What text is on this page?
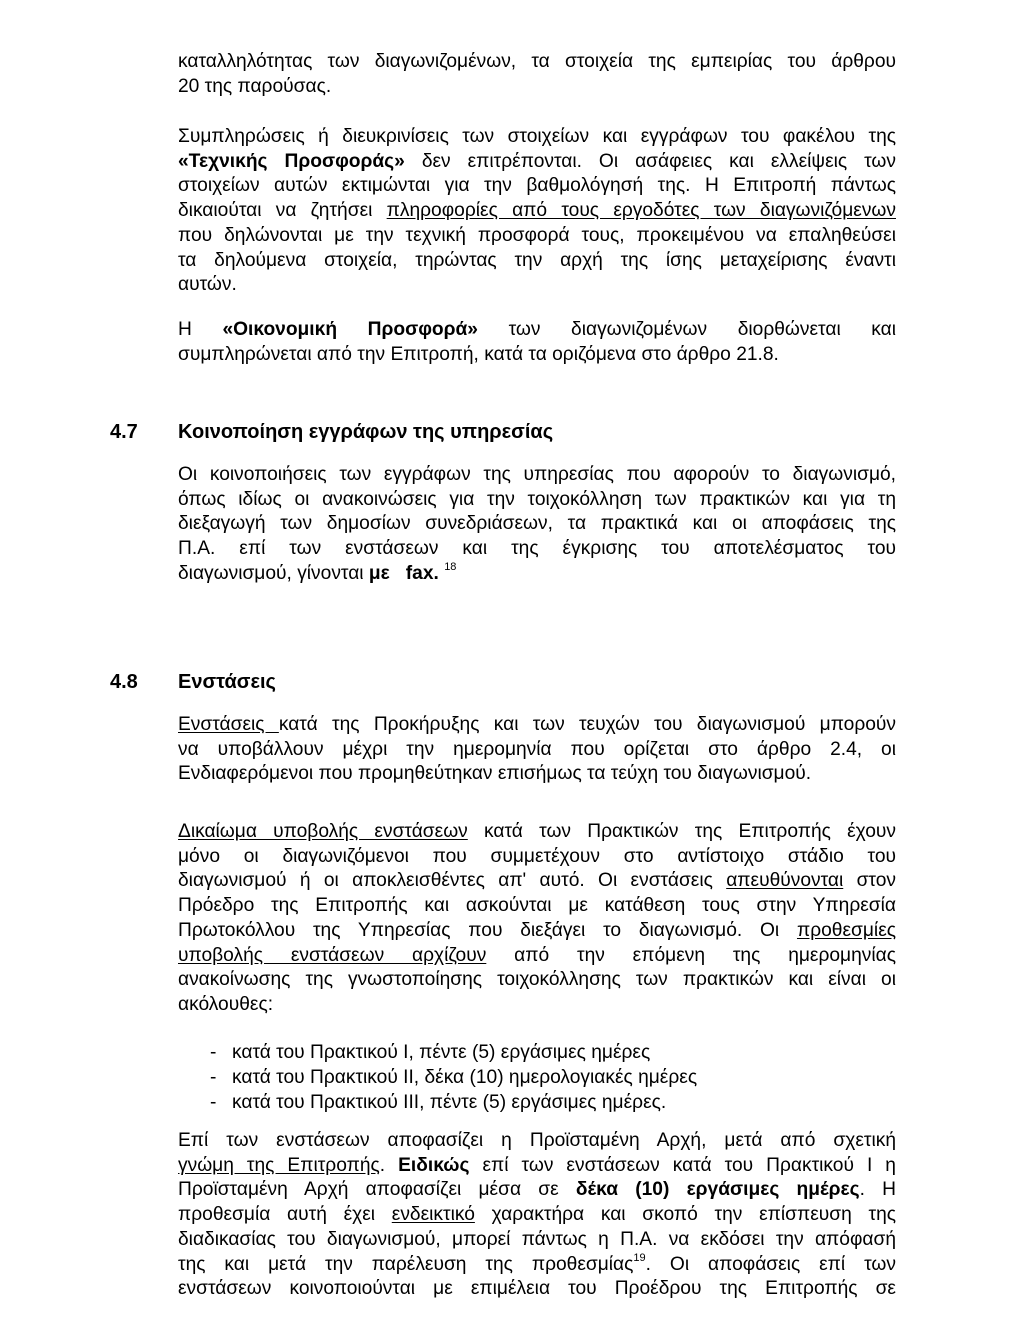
καταλληλότητας των διαγωνιζομένων, τα στοιχεία της εμπειρίας του άρθρου
20 της παρούσας.

Συμπληρώσεις ή διευκρινίσεις των στοιχείων και εγγράφων του φακέλου της
«Τεχνικής Προσφοράς» δεν επιτρέπονται. Οι ασάφειες και ελλείψεις των
στοιχείων αυτών εκτιμώνται για την βαθμολόγησή της. Η Επιτροπή πάντως
δικαιούται να ζητήσει πληροφορίες από τους εργοδότες των διαγωνιζόμενων
που δηλώνονται με την τεχνική προσφορά τους, προκειμένου να επαληθεύσει
τα δηλούμενα στοιχεία, τηρώντας την αρχή της ίσης μεταχείρισης έναντι
αυτών.

Η «Οικονομική Προσφορά» των διαγωνιζομένων διορθώνεται και
συμπληρώνεται από την Επιτροπή, κατά τα οριζόμενα στο άρθρο 21.8.

4.7 Κοινοποίηση εγγράφων της υπηρεσίας

Οι κοινοποιήσεις των εγγράφων της υπηρεσίας που αφορούν το διαγωνισμό,
όπως ιδίως οι ανακοινώσεις για την τοιχοκόλληση των πρακτικών και για τη
διεξαγωγή των δημοσίων συνεδριάσεων, τα πρακτικά και οι αποφάσεις της
Π.Α. επί των ενστάσεων και της έγκρισης του αποτελέσματος του
διαγωνισμού, γίνονται με fax. $^{18}$

4.8 Ενστάσεις

Ενστάσεις κατά της Προκήρυξης και των τευχών του διαγωνισμού μπορούν
να υποβάλλουν μέχρι την ημερομηνία που ορίζεται στο άρθρο 2.4, οι
Ενδιαφερόμενοι που προμηθεύτηκαν επισήμως τα τεύχη του διαγωνισμού.

Δικαίωμα υποβολής ενστάσεων κατά των Πρακτικών της Επιτροπής έχουν
μόνο οι διαγωνιζόμενοι που συμμετέχουν στο αντίστοιχο στάδιο του
διαγωνισμού ή οι αποκλεισθέντες απ' αυτό. Οι ενστάσεις απευθύνονται στον
Πρόεδρο της Επιτροπής και ασκούνται με κατάθεση τους στην Υπηρεσία
Πρωτοκόλλου της Υπηρεσίας που διεξάγει το διαγωνισμό. Οι προθεσμίες
υποβολής ενστάσεων αρχίζουν από την επόμενη της ημερομηνίας
ανακοίνωσης της γνωστοποίησης τοιχοκόλλησης των πρακτικών και είναι οι
ακόλουθες:

- κατά του Πρακτικού Ι, πέντε (5) εργάσιμες ημέρες
- κατά του Πρακτικού ΙΙ, δέκα (10) ημερολογιακές ημέρες
- κατά του Πρακτικού ΙΙΙ, πέντε (5) εργάσιμες ημέρες.

Επί των ενστάσεων αποφασίζει η Προϊσταμένη Αρχή, μετά από σχετική
γνώμη της Επιτροπής. Ειδικώς επί των ενστάσεων κατά του Πρακτικού Ι η
Προϊσταμένη Αρχή αποφασίζει μέσα σε δέκα (10) εργάσιμες ημέρες. Η
προθεσμία αυτή έχει ενδεικτικό χαρακτήρα και σκοπό την επίσπευση της
διαδικασίας του διαγωνισμού, μπορεί πάντως η Π.Α. να εκδόσει την απόφασή
της και μετά την παρέλευση της προθεσμίας$^{19}$. Οι αποφάσεις επί των
ενστάσεων κοινοποιούνται με επιμέλεια του Προέδρου της Επιτροπής σε
